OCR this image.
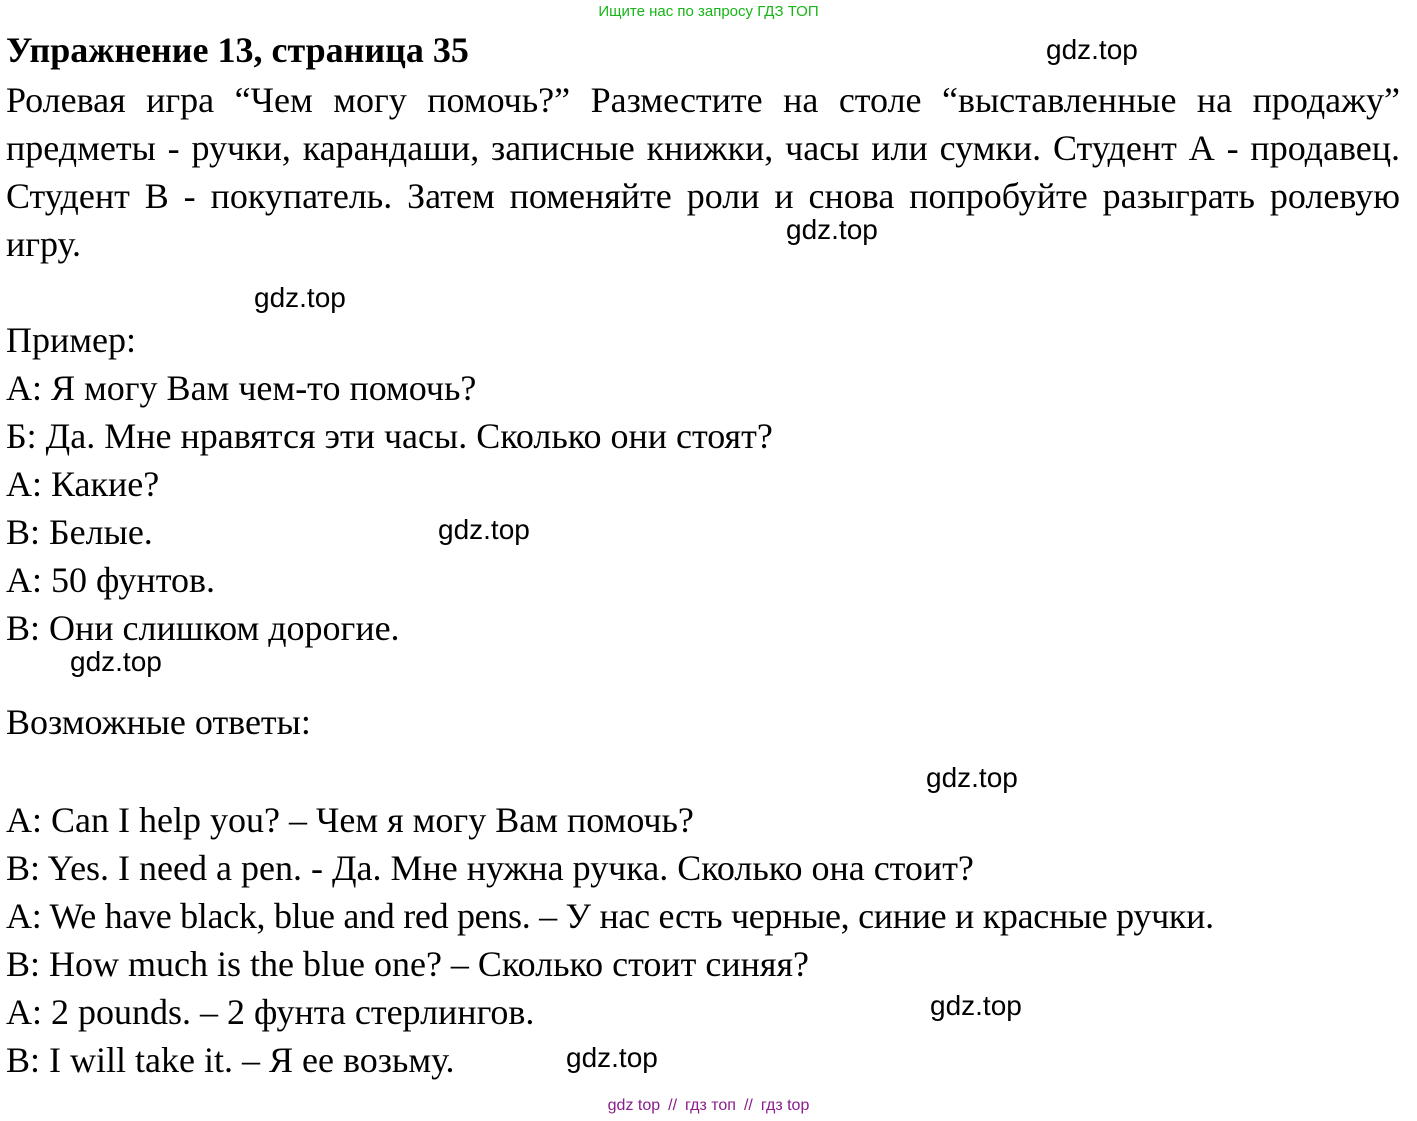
Ищите нас по запросу ГДЗ ТОП
Упражнение 13, страница 35	gdz.top

Ролевая игра “Чем могу помочь?” Разместите на столе “выставленные на продажу” предметы - ручки, карандаши, записные книжки, часы или сумки. Студент А - продавец. Студент В - покупатель. Затем поменяйте роли и снова попробуйте разыграть ролевую игру.	gdz.top
gdz.top
Пример:
А: Я могу Вам чем-то помочь?
Б: Да. Мне нравятся эти часы. Сколько они стоят?
А: Какие?
В: Белые.	gdz.top
А: 50 фунтов.
В: Они слишком дорогие.
gdz.top
Возможные ответы:
gdz.top
A: Can I help you? – Чем я могу Вам помочь?
B: Yes. I need a pen. - Да. Мне нужна ручка. Сколько она стоит?
A: We have black, blue and red pens. – У нас есть черные, синие и красные ручки.
B: How much is the blue one? – Сколько стоит синяя?
A: 2 pounds. – 2 фунта стерлингов.	gdz.top
B: I will take it. – Я ее возьму.	gdz.top
gdz top // гдз топ // гдз top
